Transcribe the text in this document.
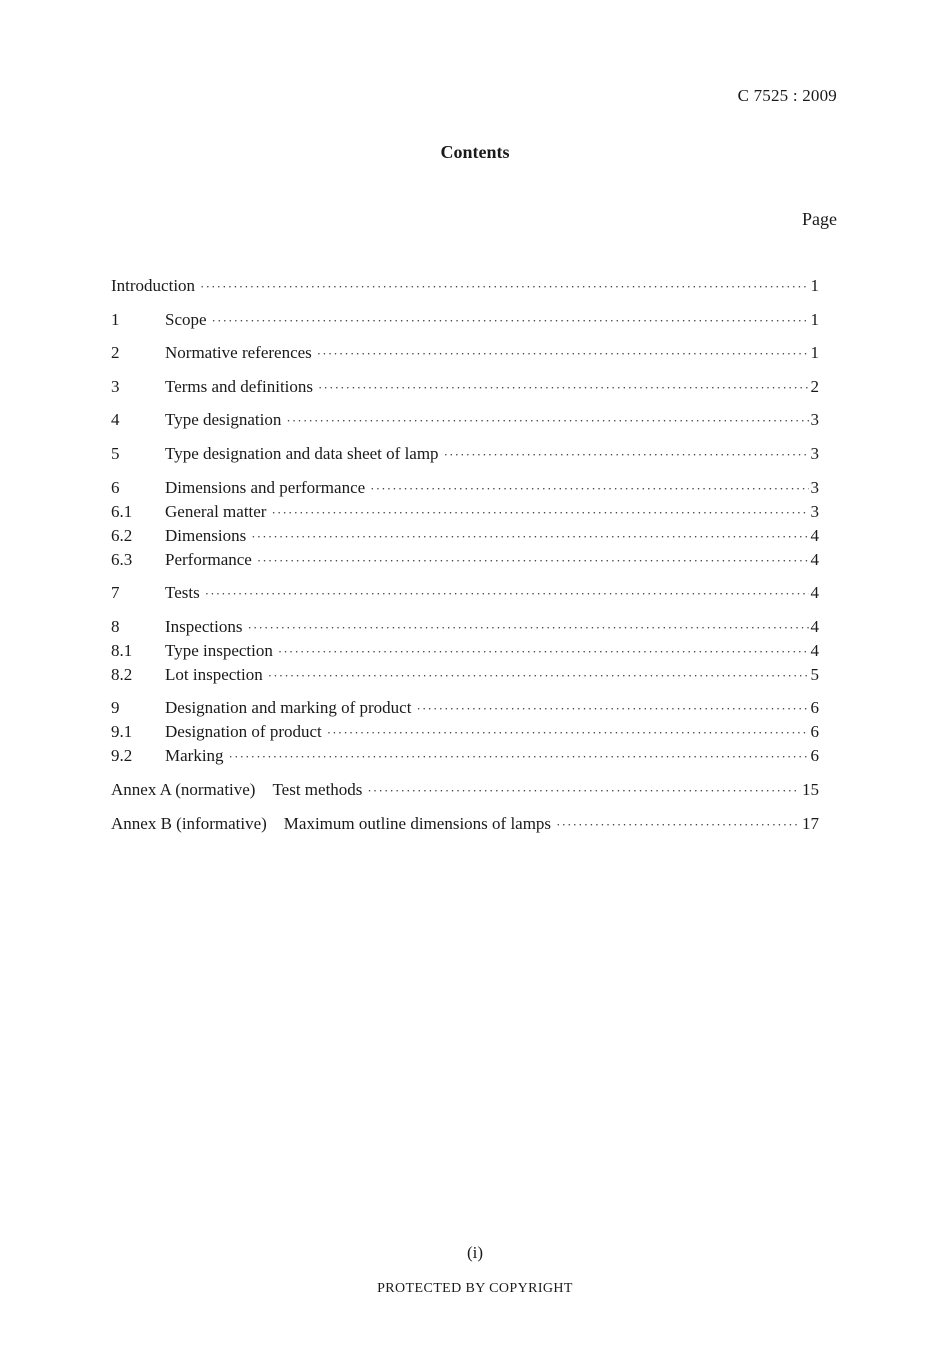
C 7525 : 2009
Contents
Page
Introduction ·····	1
1	Scope ·····	1
2	Normative references ·····	1
3	Terms and definitions ·····	2
4	Type designation ·····	3
5	Type designation and data sheet of lamp ·····	3
6	Dimensions and performance ·····	3
6.1	General matter ·····	3
6.2	Dimensions ·····	4
6.3	Performance ·····	4
7	Tests ·····	4
8	Inspections ·····	4
8.1	Type inspection ·····	4
8.2	Lot inspection ·····	5
9	Designation and marking of product ·····	6
9.1	Designation of product ·····	6
9.2	Marking ·····	6
Annex A (normative) Test methods ·····	15
Annex B (informative) Maximum outline dimensions of lamps ·····	17
(i)
PROTECTED BY COPYRIGHT
